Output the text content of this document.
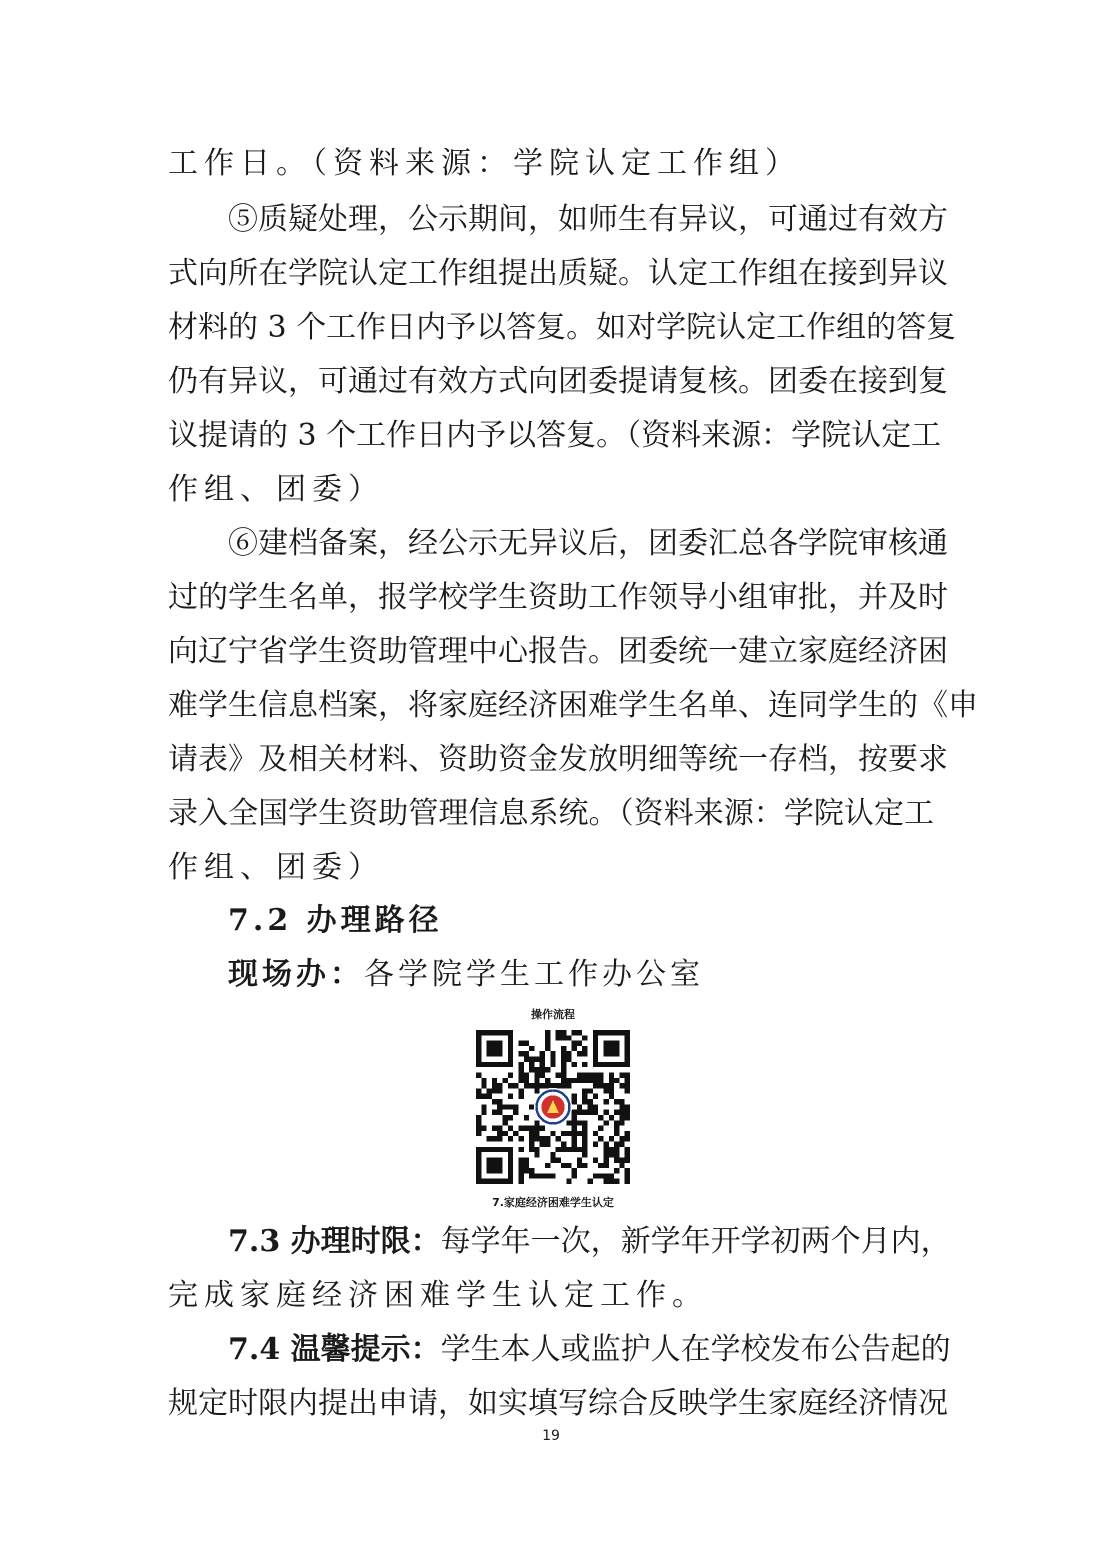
工作日。（资料来源：学院认定工作组）
⑤质疑处理，公示期间，如师生有异议，可通过有效方
式向所在学院认定工作组提出质疑。认定工作组在接到异议
材料的 3 个工作日内予以答复。如对学院认定工作组的答复
仍有异议，可通过有效方式向团委提请复核。团委在接到复
议提请的 3 个工作日内予以答复。（资料来源：学院认定工
作组、团委）
⑥建档备案，经公示无异议后，团委汇总各学院审核通
过的学生名单，报学校学生资助工作领导小组审批，并及时
向辽宁省学生资助管理中心报告。团委统一建立家庭经济困
难学生信息档案，将家庭经济困难学生名单、连同学生的《申
请表》及相关材料、资助资金发放明细等统一存档，按要求
录入全国学生资助管理信息系统。（资料来源：学院认定工
作组、团委）
7.2 办理路径
现场办：各学院学生工作办公室
操作流程
7.家庭经济困难学生认定
7.3 办理时限：每学年一次，新学年开学初两个月内，
完成家庭经济困难学生认定工作。
7.4 温馨提示：学生本人或监护人在学校发布公告起的
规定时限内提出申请，如实填写综合反映学生家庭经济情况
19
